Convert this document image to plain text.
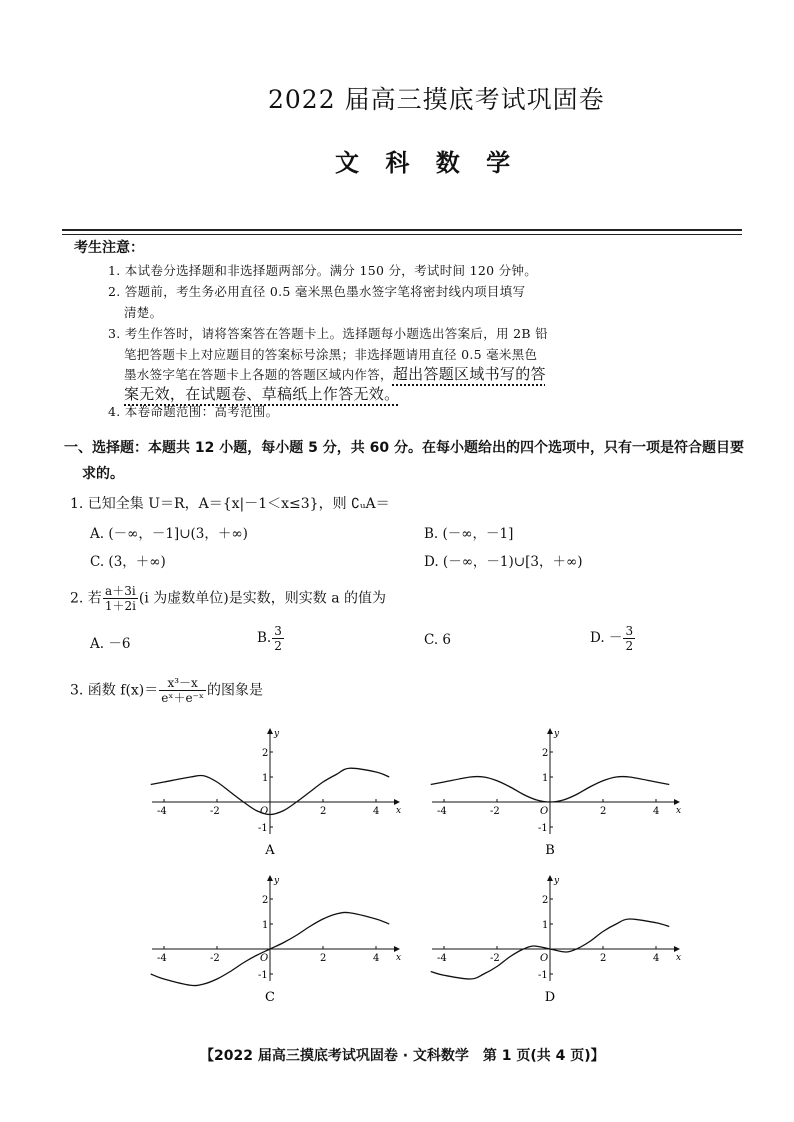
2022 届高三摸底考试巩固卷
文 科 数 学
考生注意：
1. 本试卷分选择题和非选择题两部分。满分 150 分，考试时间 120 分钟。
2. 答题前，考生务必用直径 0.5 毫米黑色墨水签字笔将密封线内项目填写
清楚。
3. 考生作答时，请将答案答在答题卡上。选择题每小题选出答案后，用 2B 铅
笔把答题卡上对应题目的答案标号涂黑；非选择题请用直径 0.5 毫米黑色
墨水签字笔在答题卡上各题的答题区域内作答，超出答题区域书写的答
案无效，在试题卷、草稿纸上作答无效。
4. 本卷命题范围：高考范围。
一、选择题：本题共 12 小题，每小题 5 分，共 60 分。在每小题给出的四个选项中，只有一项是符合题目要
求的。
1. 已知全集 U＝R，A＝{x|－1＜x≤3}，则 ∁ᵤA＝
A. (－∞，－1]∪(3，＋∞)	B. (－∞，－1]
C. (3，＋∞)	D. (－∞，－1)∪[3，＋∞)
2. 若 $\frac{a+3i}{1+2i} (i$ 为虚数单位)是实数，则实数 a 的值为
A. －6	B. $\frac{3}{2}$	C. 6	D. － $\frac{3}{2}$
3. 函数 $f(x)= \frac{\text{x³－x}}{\text{eˣ＋e⁻ˣ}}$ 的图象是
x
y
-4	-2	O	2	4
2
1
-1
A
x
y
-4	-2	O	2	4
2
1
-1
B
x
y
-4	-2	O	2	4
2
1
-1
C
x
y
-4	-2	O	2	4
2
1
-1
D
【2022 届高三摸底考试巩固卷 · 文科数学　第 1 页(共 4 页)】
